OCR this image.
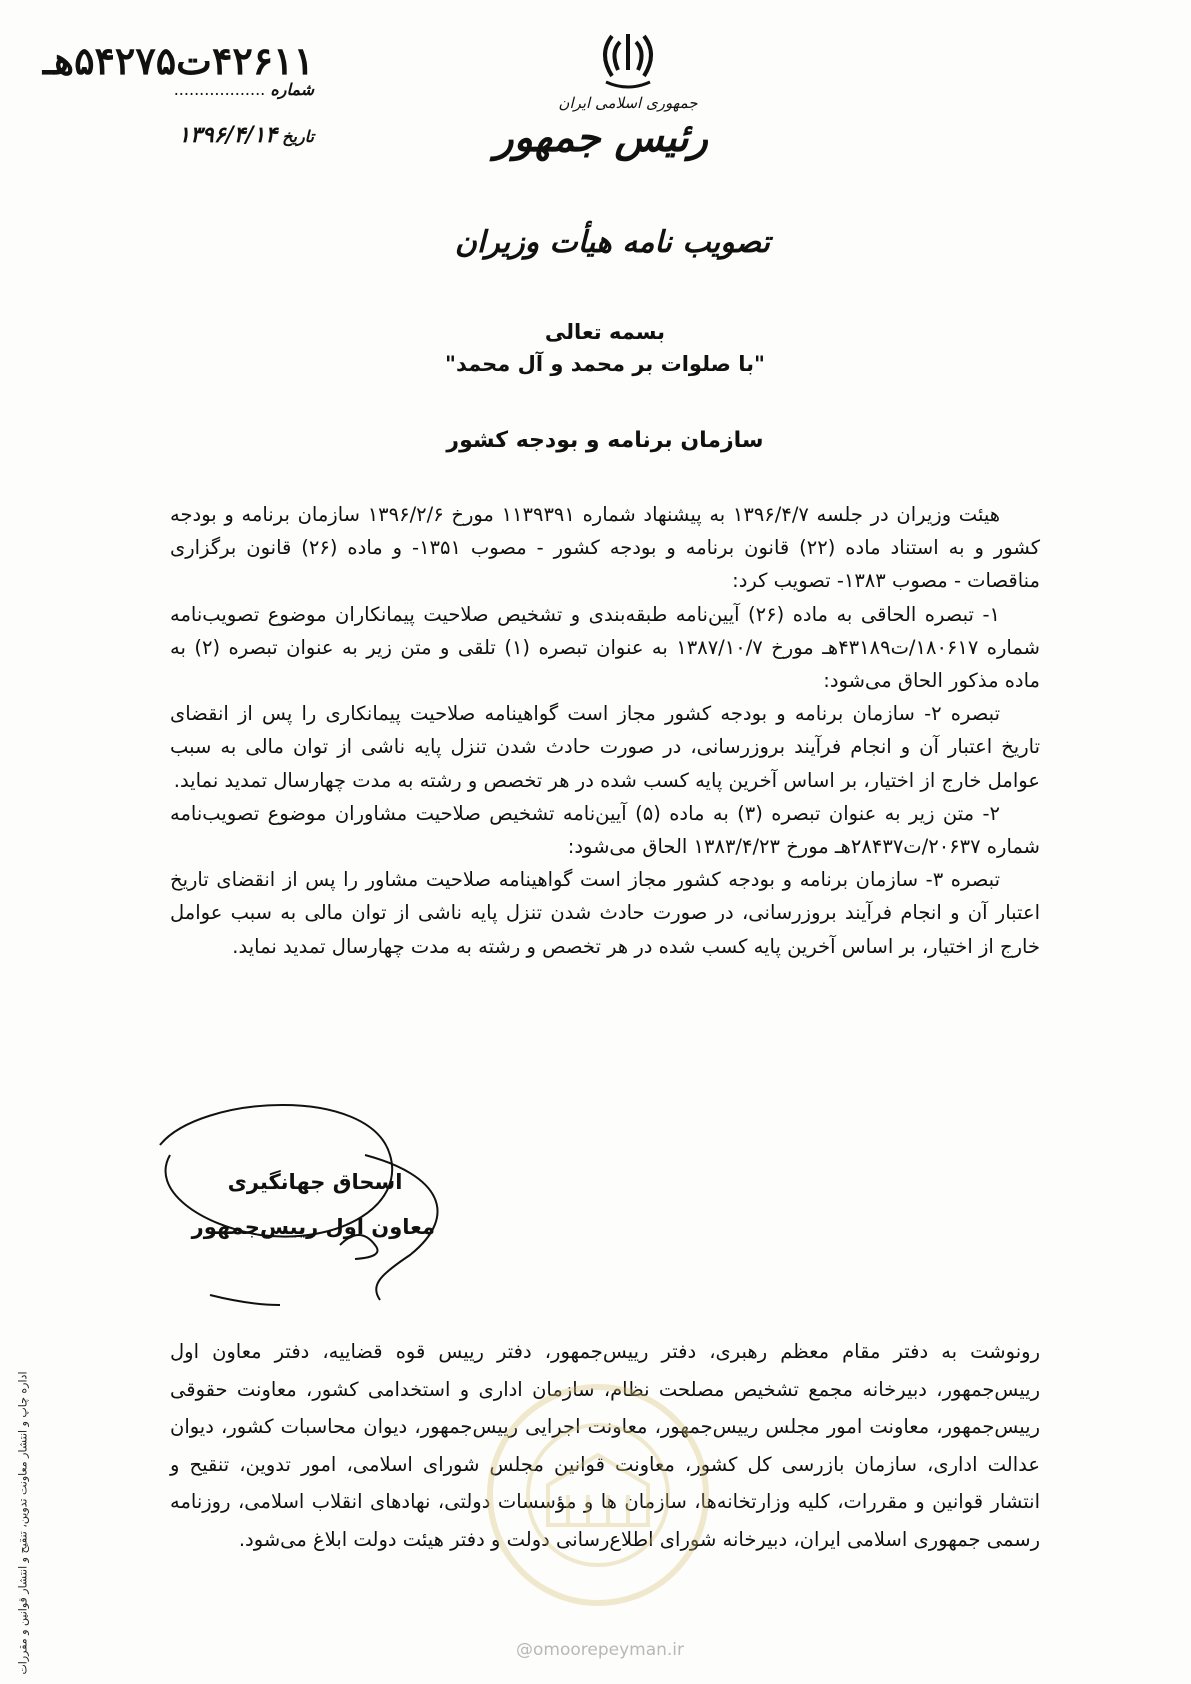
۴۲۶۱۱ت۵۴۲۷۵هـ
شماره ..................
تاریخ ۱۳۹۶/۴/۱۴
جمهوری اسلامی ایران
رئیس جمهور
تصویب نامه هیأت وزیران
بسمه تعالی
"با صلوات بر محمد و آل محمد"
سازمان برنامه و بودجه کشور

هیئت وزیران در جلسه ۱۳۹۶/۴/۷ به پیشنهاد شماره ۱۱۳۹۳۹۱ مورخ ۱۳۹۶/۲/۶ سازمان برنامه و بودجه کشور و به استناد ماده (۲۲) قانون برنامه و بودجه کشور - مصوب ۱۳۵۱- و ماده (۲۶) قانون برگزاری مناقصات - مصوب ۱۳۸۳- تصویب کرد:

۱- تبصره الحاقی به ماده (۲۶) آیین‌نامه طبقه‌بندی و تشخیص صلاحیت پیمانکاران موضوع تصویب‌نامه شماره ۱۸۰۶۱۷/ت۴۳۱۸۹هـ مورخ ۱۳۸۷/۱۰/۷ به عنوان تبصره (۱) تلقی و متن زیر به عنوان تبصره (۲) به ماده مذکور الحاق می‌شود:

تبصره ۲- سازمان برنامه و بودجه کشور مجاز است گواهینامه صلاحیت پیمانکاری را پس از انقضای تاریخ اعتبار آن و انجام فرآیند بروزرسانی، در صورت حادث شدن تنزل پایه ناشی از توان مالی به سبب عوامل خارج از اختیار، بر اساس آخرین پایه کسب شده در هر تخصص و رشته به مدت چهارسال تمدید نماید.

۲- متن زیر به عنوان تبصره (۳) به ماده (۵) آیین‌نامه تشخیص صلاحیت مشاوران موضوع تصویب‌نامه شماره ۲۰۶۳۷/ت۲۸۴۳۷هـ مورخ ۱۳۸۳/۴/۲۳ الحاق می‌شود:

تبصره ۳- سازمان برنامه و بودجه کشور مجاز است گواهینامه صلاحیت مشاور را پس از انقضای تاریخ اعتبار آن و انجام فرآیند بروزرسانی، در صورت حادث شدن تنزل پایه ناشی از توان مالی به سبب عوامل خارج از اختیار، بر اساس آخرین پایه کسب شده در هر تخصص و رشته به مدت چهارسال تمدید نماید.

اسحاق جهانگیری
معاون اول رییس‌جمهور
رونوشت به دفتر مقام معظم رهبری، دفتر رییس‌جمهور، دفتر رییس قوه قضاییه، دفتر معاون اول رییس‌جمهور، دبیرخانه مجمع تشخیص مصلحت نظام، سازمان اداری و استخدامی کشور، معاونت حقوقی رییس‌جمهور، معاونت امور مجلس رییس‌جمهور، معاونت اجرایی رییس‌جمهور، دیوان محاسبات کشور، دیوان عدالت اداری، سازمان بازرسی کل کشور، معاونت قوانین مجلس شورای اسلامی، امور تدوین، تنقیح و انتشار قوانین و مقررات، کلیه وزارتخانه‌ها، سازمان ها و مؤسسات دولتی، نهادهای انقلاب اسلامی، روزنامه رسمی جمهوری اسلامی ایران، دبیرخانه شورای اطلاع‌رسانی دولت و دفتر هیئت دولت ابلاغ می‌شود.
اداره چاپ و انتشار معاونت تدوین، تنقیح و انتشار قوانین و مقررات	@omoorepeyman.ir
